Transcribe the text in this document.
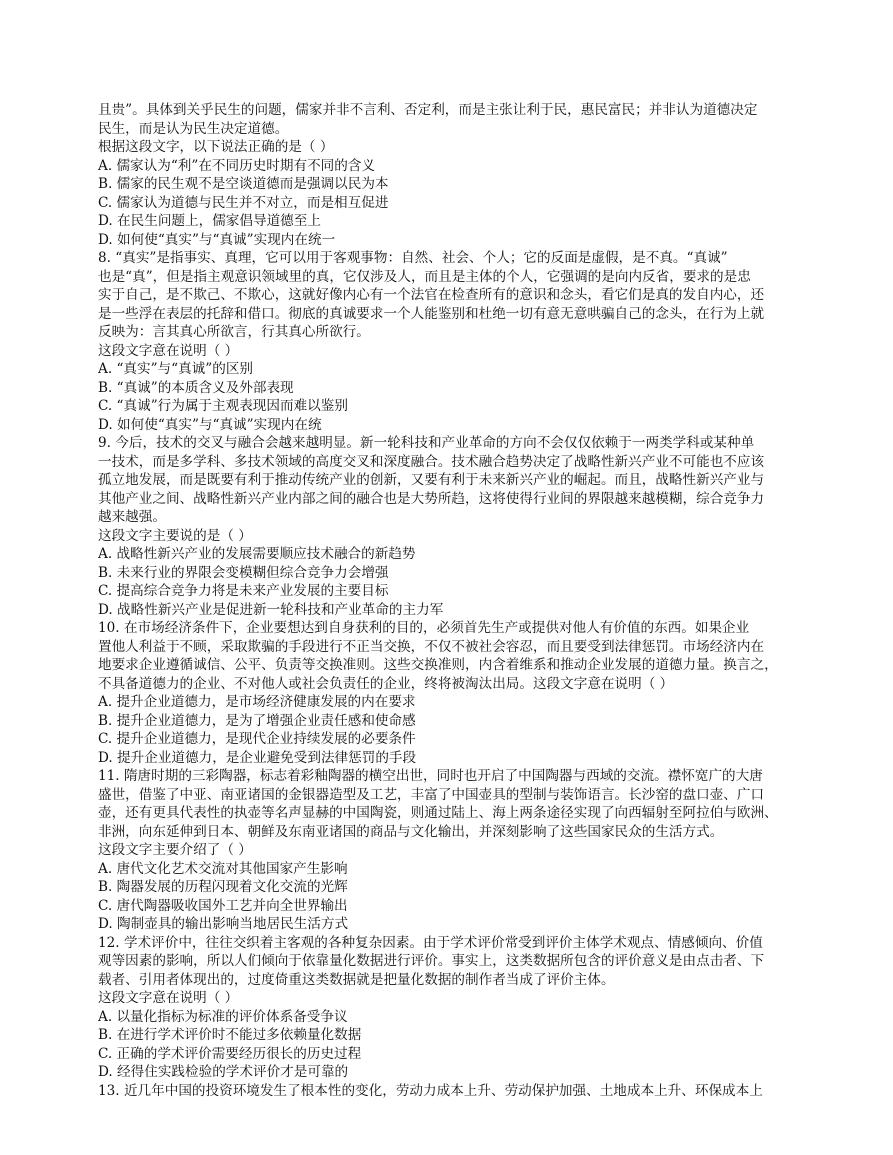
且贵”。具体到关乎民生的问题，儒家并非不言利、否定利，而是主张让利于民，惠民富民；并非认为道德决定
民生，而是认为民生决定道德。
根据这段文字，以下说法正确的是（ ）
A. 儒家认为“利”在不同历史时期有不同的含义
B. 儒家的民生观不是空谈道德而是强调以民为本
C. 儒家认为道德与民生并不对立，而是相互促进
D. 在民生问题上，儒家倡导道德至上
D. 如何使“真实”与“真诚”实现内在统一
8. “真实”是指事实、真理，它可以用于客观事物：自然、社会、个人；它的反面是虚假，是不真。“真诚”
也是“真”，但是指主观意识领域里的真，它仅涉及人，而且是主体的个人，它强调的是向内反省，要求的是忠
实于自己，是不欺己、不欺心，这就好像内心有一个法官在检查所有的意识和念头，看它们是真的发自内心，还
是一些浮在表层的托辞和借口。彻底的真诚要求一个人能鉴别和杜绝一切有意无意哄骗自己的念头，在行为上就
反映为：言其真心所欲言，行其真心所欲行。
这段文字意在说明（ ）
A. “真实”与“真诚”的区别
B. “真诚”的本质含义及外部表现
C. “真诚”行为属于主观表现因而难以鉴别
D. 如何使“真实”与“真诚”实现内在统
9. 今后，技术的交叉与融合会越来越明显。新一轮科技和产业革命的方向不会仅仅依赖于一两类学科或某种单
一技术，而是多学科、多技术领域的高度交叉和深度融合。技术融合趋势决定了战略性新兴产业不可能也不应该
孤立地发展，而是既要有利于推动传统产业的创新，又要有利于未来新兴产业的崛起。而且，战略性新兴产业与
其他产业之间、战略性新兴产业内部之间的融合也是大势所趋，这将使得行业间的界限越来越模糊，综合竞争力
越来越强。
这段文字主要说的是（ ）
A. 战略性新兴产业的发展需要顺应技术融合的新趋势
B. 未来行业的界限会变模糊但综合竞争力会增强
C. 提高综合竞争力将是未来产业发展的主要目标
D. 战略性新兴产业是促进新一轮科技和产业革命的主力军
10. 在市场经济条件下，企业要想达到自身获利的目的，必须首先生产或提供对他人有价值的东西。如果企业
置他人利益于不顾，采取欺骗的手段进行不正当交换，不仅不被社会容忍，而且要受到法律惩罚。市场经济内在
地要求企业遵循诚信、公平、负责等交换准则。这些交换准则，内含着维系和推动企业发展的道德力量。换言之，
不具备道德力的企业、不对他人或社会负责任的企业，终将被淘汰出局。这段文字意在说明（ ）
A. 提升企业道德力，是市场经济健康发展的内在要求
B. 提升企业道德力，是为了增强企业责任感和使命感
C. 提升企业道德力，是现代企业持续发展的必要条件
D. 提升企业道德力，是企业避免受到法律惩罚的手段
11. 隋唐时期的三彩陶器，标志着彩釉陶器的横空出世，同时也开启了中国陶器与西域的交流。襟怀宽广的大唐
盛世，借鉴了中亚、南亚诸国的金银器造型及工艺，丰富了中国壶具的型制与装饰语言。长沙窑的盘口壶、广口
壶，还有更具代表性的执壶等名声显赫的中国陶瓷，则通过陆上、海上两条途径实现了向西辐射至阿拉伯与欧洲、
非洲，向东延伸到日本、朝鲜及东南亚诸国的商品与文化输出，并深刻影响了这些国家民众的生活方式。
这段文字主要介绍了（ ）
A. 唐代文化艺术交流对其他国家产生影响
B. 陶器发展的历程闪现着文化交流的光辉
C. 唐代陶器吸收国外工艺并向全世界输出
D. 陶制壶具的输出影响当地居民生活方式
12. 学术评价中，往往交织着主客观的各种复杂因素。由于学术评价常受到评价主体学术观点、情感倾向、价值
观等因素的影响，所以人们倾向于依靠量化数据进行评价。事实上，这类数据所包含的评价意义是由点击者、下
载者、引用者体现出的，过度倚重这类数据就是把量化数据的制作者当成了评价主体。
这段文字意在说明（ ）
A. 以量化指标为标准的评价体系备受争议
B. 在进行学术评价时不能过多依赖量化数据
C. 正确的学术评价需要经历很长的历史过程
D. 经得住实践检验的学术评价才是可靠的
13. 近几年中国的投资环境发生了根本性的变化，劳动力成本上升、劳动保护加强、土地成本上升、环保成本上
